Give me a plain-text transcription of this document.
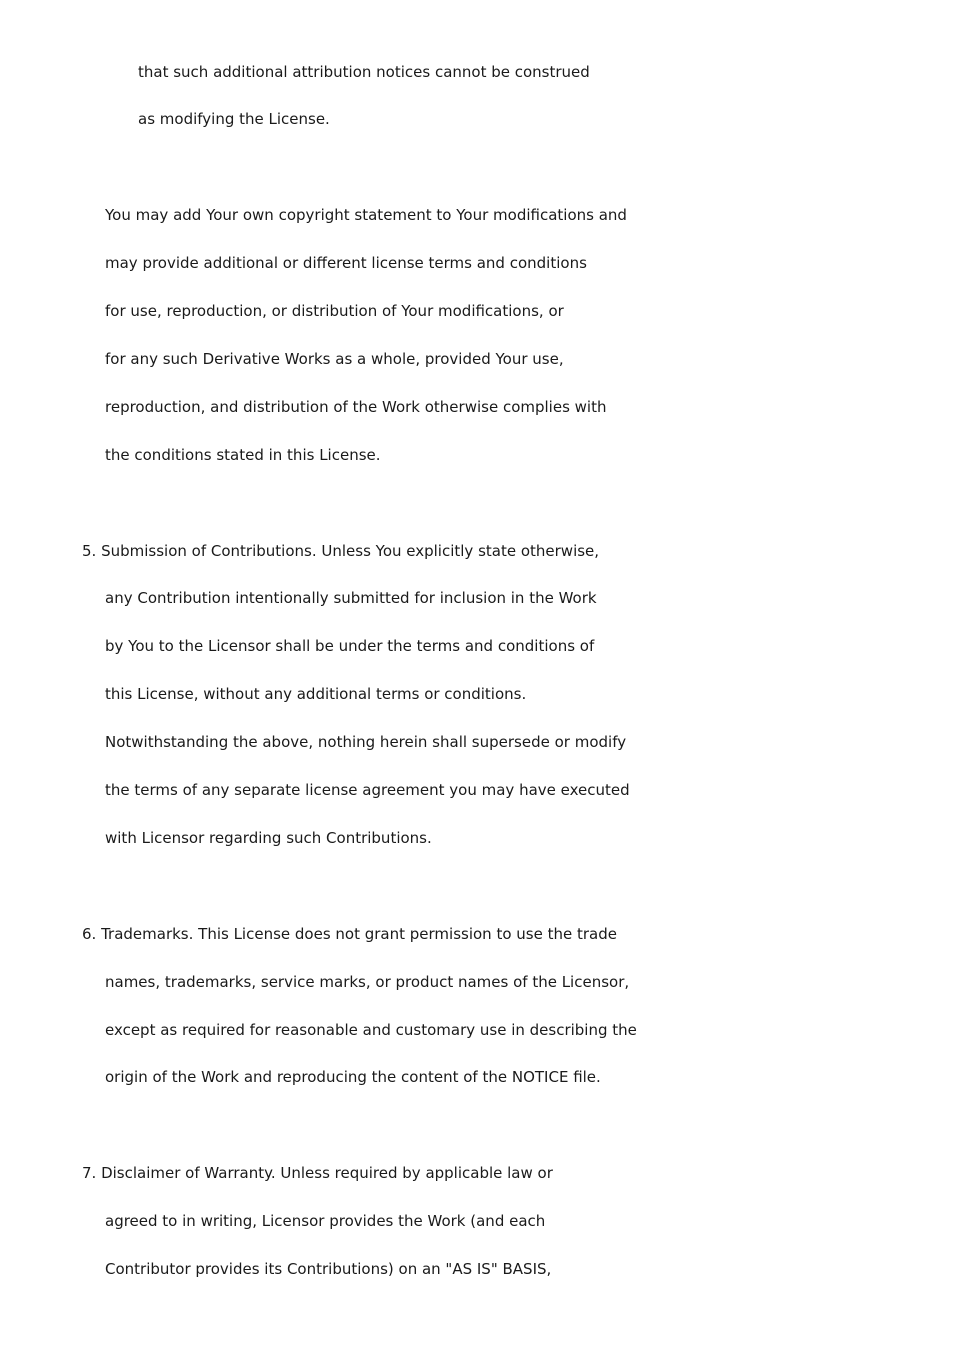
that such additional attribution notices cannot be construed
as modifying the License.
You may add Your own copyright statement to Your modifications and
may provide additional or different license terms and conditions
for use, reproduction, or distribution of Your modifications, or
for any such Derivative Works as a whole, provided Your use,
reproduction, and distribution of the Work otherwise complies with
the conditions stated in this License.
5. Submission of Contributions. Unless You explicitly state otherwise,
any Contribution intentionally submitted for inclusion in the Work
by You to the Licensor shall be under the terms and conditions of
this License, without any additional terms or conditions.
Notwithstanding the above, nothing herein shall supersede or modify
the terms of any separate license agreement you may have executed
with Licensor regarding such Contributions.
6. Trademarks. This License does not grant permission to use the trade
names, trademarks, service marks, or product names of the Licensor,
except as required for reasonable and customary use in describing the
origin of the Work and reproducing the content of the NOTICE file.
7. Disclaimer of Warranty. Unless required by applicable law or
agreed to in writing, Licensor provides the Work (and each
Contributor provides its Contributions) on an "AS IS" BASIS,
